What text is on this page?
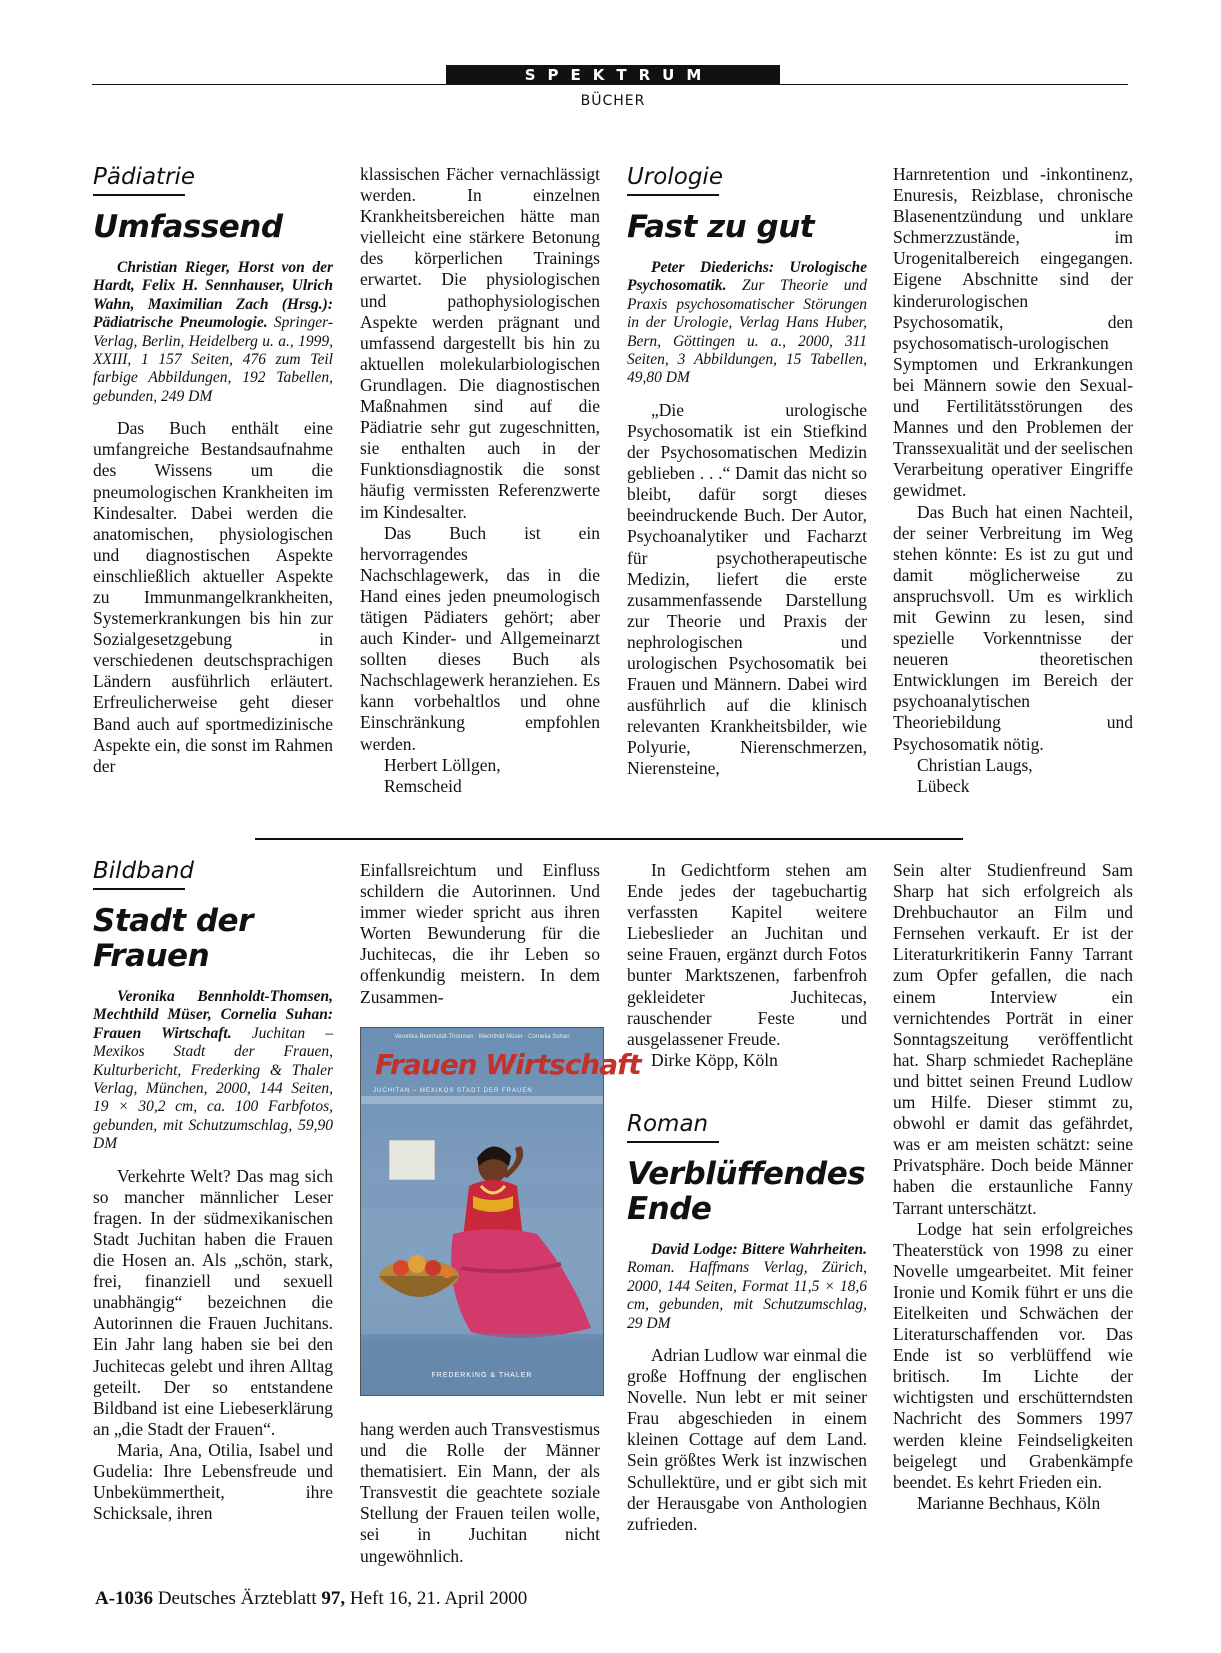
SPEKTRUM
BÜCHER
Pädiatrie
Umfassend

Christian Rieger, Horst von der Hardt, Felix H. Sennhauser, Ulrich Wahn, Maximilian Zach (Hrsg.): Pädiatrische Pneumologie. Springer-Verlag, Berlin, Heidelberg u. a., 1999, XXIII, 1 157 Seiten, 476 zum Teil farbige Abbildungen, 192 Tabellen, gebunden, 249 DM

Das Buch enthält eine umfangreiche Bestandsaufnahme des Wissens um die pneumologischen Krankheiten im Kindesalter. Dabei werden die anatomischen, physiologischen und diagnostischen Aspekte einschließlich aktueller Aspekte zu Immunmangelkrankheiten, Systemerkrankungen bis hin zur Sozialgesetzgebung in verschiedenen deutschsprachigen Ländern ausführlich erläutert. Erfreulicherweise geht dieser Band auch auf sportmedizinische Aspekte ein, die sonst im Rahmen der

klassischen Fächer vernachlässigt werden. In einzelnen Krankheitsbereichen hätte man vielleicht eine stärkere Betonung des körperlichen Trainings erwartet. Die physiologischen und pathophysiologischen Aspekte werden prägnant und umfassend dargestellt bis hin zu aktuellen molekularbiologischen Grundlagen. Die diagnostischen Maßnahmen sind auf die Pädiatrie sehr gut zugeschnitten, sie enthalten auch in der Funktionsdiagnostik die sonst häufig vermissten Referenzwerte im Kindesalter.

Das Buch ist ein hervorragendes Nachschlagewerk, das in die Hand eines jeden pneumologisch tätigen Pädiaters gehört; aber auch Kinder- und Allgemeinarzt sollten dieses Buch als Nachschlagewerk heranziehen. Es kann vorbehaltlos und ohne Einschränkung empfohlen werden.

Herbert Löllgen,

Remscheid

Urologie
Fast zu gut

Peter Diederichs: Urologische Psychosomatik. Zur Theorie und Praxis psychosomatischer Störungen in der Urologie, Verlag Hans Huber, Bern, Göttingen u. a., 2000, 311 Seiten, 3 Abbildungen, 15 Tabellen, 49,80 DM

„Die urologische Psychosomatik ist ein Stiefkind der Psychosomatischen Medizin geblieben . . .“ Damit das nicht so bleibt, dafür sorgt dieses beeindruckende Buch. Der Autor, Psychoanalytiker und Facharzt für psychotherapeutische Medizin, liefert die erste zusammenfassende Darstellung zur Theorie und Praxis der nephrologischen und urologischen Psychosomatik bei Frauen und Männern. Dabei wird ausführlich auf die klinisch relevanten Krankheitsbilder, wie Polyurie, Nierenschmerzen, Nierensteine,

Harnretention und -inkontinenz, Enuresis, Reizblase, chronische Blasenentzündung und unklare Schmerzzustände, im Urogenitalbereich eingegangen. Eigene Abschnitte sind der kinderurologischen Psychosomatik, den psychosomatisch-urologischen Symptomen und Erkrankungen bei Männern sowie den Sexual- und Fertilitätsstörungen des Mannes und den Problemen der Transsexualität und der seelischen Verarbeitung operativer Eingriffe gewidmet.

Das Buch hat einen Nachteil, der seiner Verbreitung im Weg stehen könnte: Es ist zu gut und damit möglicherweise zu anspruchsvoll. Um es wirklich mit Gewinn zu lesen, sind spezielle Vorkenntnisse der neueren theoretischen Entwicklungen im Bereich der psychoanalytischen Theoriebildung und Psychosomatik nötig.

Christian Laugs,

Lübeck

Bildband
Stadt der
Frauen

Veronika Bennholdt-Thomsen, Mechthild Müser, Cornelia Suhan: Frauen Wirtschaft. Juchitan – Mexikos Stadt der Frauen, Kulturbericht, Frederking & Thaler Verlag, München, 2000, 144 Seiten, 19 × 30,2 cm, ca. 100 Farbfotos, gebunden, mit Schutzumschlag, 59,90 DM

Verkehrte Welt? Das mag sich so mancher männlicher Leser fragen. In der südmexikanischen Stadt Juchitan haben die Frauen die Hosen an. Als „schön, stark, frei, finanziell und sexuell unabhängig“ bezeichnen die Autorinnen die Frauen Juchitans. Ein Jahr lang haben sie bei den Juchitecas gelebt und ihren Alltag geteilt. Der so entstandene Bildband ist eine Liebeserklärung an „die Stadt der Frauen“.

Maria, Ana, Otilia, Isabel und Gudelia: Ihre Lebensfreude und Unbekümmertheit, ihre Schicksale, ihren

Einfallsreichtum und Einfluss schildern die Autorinnen. Und immer wieder spricht aus ihren Worten Bewunderung für die Juchitecas, die ihr Leben so offenkundig meistern. In dem Zusammen-

Veronika Bennholdt-Thomsen · Mechthild Müser · Cornelia Suhan
Frauen Wirtschaft
JUCHITAN – MEXIKOS STADT DER FRAUEN
FREDERKING & THALER

hang werden auch Transvestismus und die Rolle der Männer thematisiert. Ein Mann, der als Transvestit die geachtete soziale Stellung der Frauen teilen wolle, sei in Juchitan nicht ungewöhnlich.

In Gedichtform stehen am Ende jedes der tagebuchartig verfassten Kapitel weitere Liebeslieder an Juchitan und seine Frauen, ergänzt durch Fotos bunter Marktszenen, farbenfroh gekleideter Juchitecas, rauschender Feste und ausgelassener Freude.

Dirke Köpp, Köln

Roman
Verblüffendes
Ende

David Lodge: Bittere Wahrheiten. Roman. Haffmans Verlag, Zürich, 2000, 144 Seiten, Format 11,5 × 18,6 cm, gebunden, mit Schutzumschlag, 29 DM

Adrian Ludlow war einmal die große Hoffnung der englischen Novelle. Nun lebt er mit seiner Frau abgeschieden in einem kleinen Cottage auf dem Land. Sein größtes Werk ist inzwischen Schullektüre, und er gibt sich mit der Herausgabe von Anthologien zufrieden.

Sein alter Studienfreund Sam Sharp hat sich erfolgreich als Drehbuchautor an Film und Fernsehen verkauft. Er ist der Literaturkritikerin Fanny Tarrant zum Opfer gefallen, die nach einem Interview ein vernichtendes Porträt in einer Sonntagszeitung veröffentlicht hat. Sharp schmiedet Rachepläne und bittet seinen Freund Ludlow um Hilfe. Dieser stimmt zu, obwohl er damit das gefährdet, was er am meisten schätzt: seine Privatsphäre. Doch beide Männer haben die erstaunliche Fanny Tarrant unterschätzt.

Lodge hat sein erfolgreiches Theaterstück von 1998 zu einer Novelle umgearbeitet. Mit feiner Ironie und Komik führt er uns die Eitelkeiten und Schwächen der Literaturschaffenden vor. Das Ende ist so verblüffend wie britisch. Im Lichte der wichtigsten und erschütterndsten Nachricht des Sommers 1997 werden kleine Feindseligkeiten beigelegt und Grabenkämpfe beendet. Es kehrt Frieden ein.

Marianne Bechhaus, Köln

A-1036 Deutsches Ärzteblatt 97, Heft 16, 21. April 2000
